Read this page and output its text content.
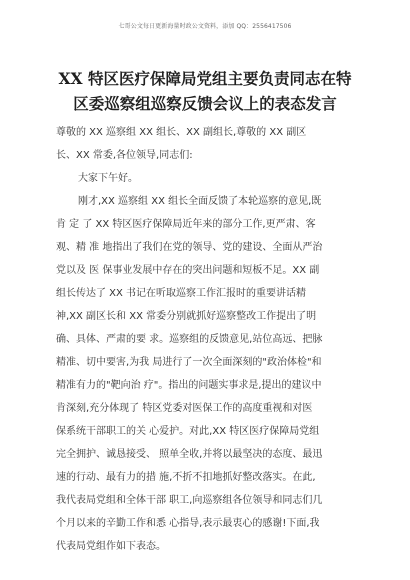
七哥公文每日更新海量时政公文资料，添加 QQ：2556417506
XX 特区医疗保障局党组主要负责同志在特
区委巡察组巡察反馈会议上的表态发言
尊敬的 XX 巡察组 XX 组长、XX 副组长,尊敬的 XX 副区
长、XX 常委,各位领导,同志们:
大家下午好。
刚才,XX 巡察组 XX 组长全面反馈了本轮巡察的意见,既
肯 定 了 XX 特区医疗保障局近年来的部分工作,更严肃、客
观、精 准 地指出了我们在党的领导、党的建设、全面从严治
党以及 医 保事业发展中存在的突出问题和短板不足。XX 副
组长传达了 XX 书记在听取巡察工作汇报时的重要讲话精
神,XX 副区长和 XX 常委分别就抓好巡察整改工作提出了明
确、具体、严肃的要 求。巡察组的反馈意见,站位高远、把脉
精准、切中要害,为我 局进行了一次全面深刻的"政治体检"和
精准有力的"靶向治 疗"。指出的问题实事求是,提出的建议中
肯深刻,充分体现了 特区党委对医保工作的高度重视和对医
保系统干部职工的关 心爱护。对此,XX 特区医疗保障局党组
完全拥护、诚恳接受、 照单全收,并将以最坚决的态度、最迅
速的行动、最有力的措 施,不折不扣地抓好整改落实。在此,
我代表局党组和全体干部 职工,向巡察组各位领导和同志们几
个月以来的辛勤工作和悉 心指导,表示最衷心的感谢!下面,我
代表局党组作如下表态。
